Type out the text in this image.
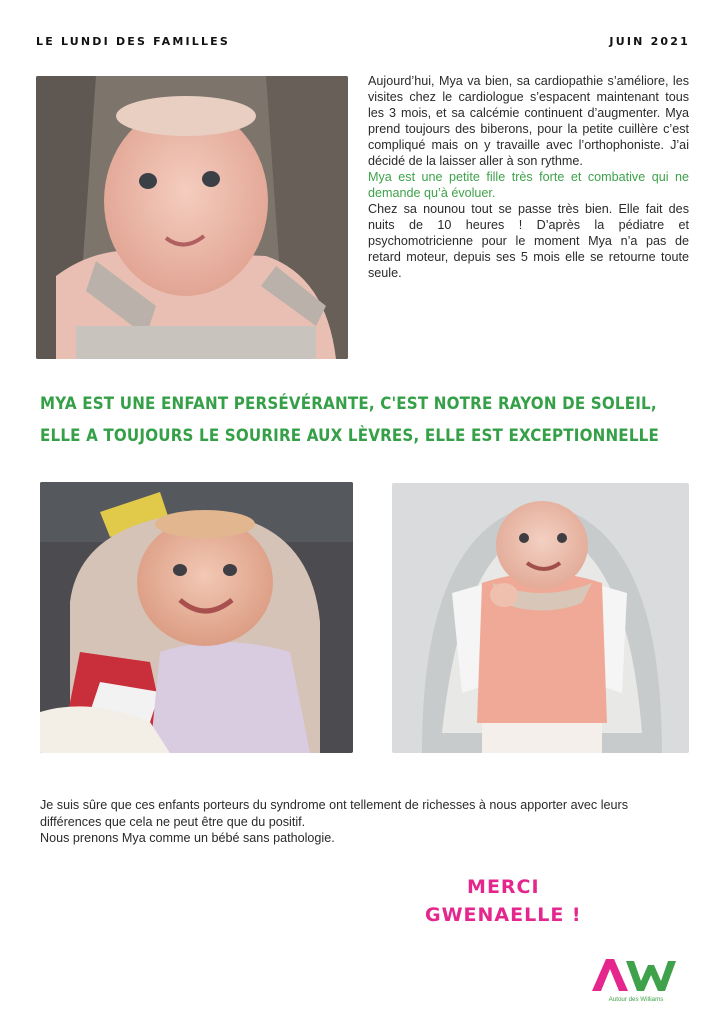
LE LUNDI DES FAMILLES	JUIN 2021

Aujourd’hui, Mya va bien, sa cardiopathie s’améliore, les visites chez le cardiologue s’espacent maintenant tous les 3 mois, et sa calcémie continuent d’augmenter. Mya prend toujours des biberons, pour la petite cuillère c’est compliqué mais on y travaille avec l’orthophoniste. J’ai décidé de la laisser aller à son rythme.

Mya est une petite fille très forte et combative qui ne demande qu’à évoluer.

Chez sa nounou tout se passe très bien. Elle fait des nuits de 10 heures ! D’après la pédiatre et psychomotricienne pour le moment Mya n’a pas de retard moteur, depuis ses 5 mois elle se retourne toute seule.

MYA EST UNE ENFANT PERSÉVÉRANTE, C'EST NOTRE RAYON DE SOLEIL,
ELLE A TOUJOURS LE SOURIRE AUX LÈVRES, ELLE EST EXCEPTIONNELLE

Je suis sûre que ces enfants porteurs du syndrome ont tellement de richesses à nous apporter avec leurs différences que cela ne peut être que du positif.

Nous prenons Mya comme un bébé sans pathologie.

MERCI
GWENAELLE !
Autour des Williams
